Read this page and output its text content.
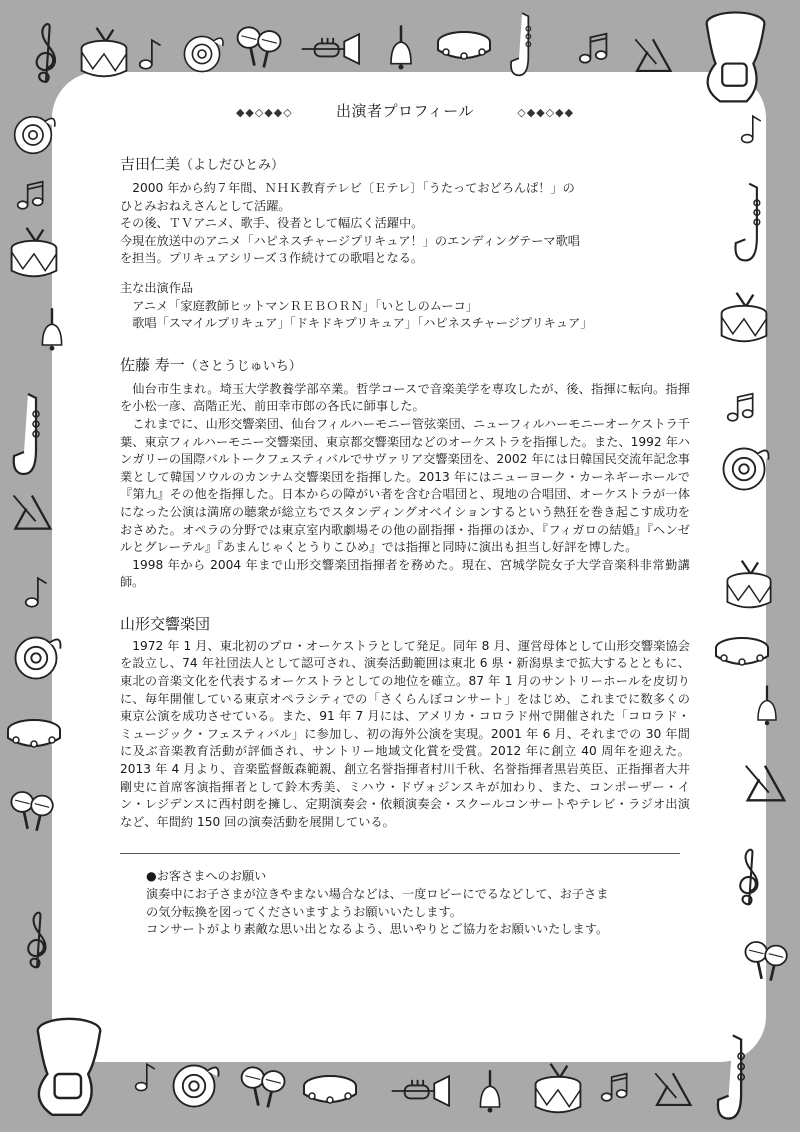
◆◆◇◆◆◇	出演者プロフィール	◇◆◆◇◆◆
吉田仁美（よしだひとみ）

2000 年から約７年間、ＮＨＫ教育テレビ〔Ｅテレ〕「うたっておどろんぱ！」の

ひとみおねえさんとして活躍。

その後、ＴＶアニメ、歌手、役者として幅広く活躍中。

今現在放送中のアニメ「ハピネスチャージプリキュア！」のエンディングテーマ歌唱

を担当。プリキュアシリーズ３作続けての歌唱となる。

主な出演作品

アニメ「家庭教師ヒットマンＲＥＢＯＲＮ」「いとしのムーコ」

歌唱「スマイルプリキュア」「ドキドキプリキュア」「ハピネスチャージプリキュア」

佐藤 寿一（さとうじゅいち）

仙台市生まれ。埼玉大学教養学部卒業。哲学コースで音楽美学を専攻したが、後、指揮に転向。指揮を小松一彦、高階正光、前田幸市郎の各氏に師事した。

これまでに、山形交響楽団、仙台フィルハーモニー管弦楽団、ニューフィルハーモニーオーケストラ千葉、東京フィルハーモニー交響楽団、東京都交響楽団などのオーケストラを指揮した。また、1992 年ハンガリーの国際バルトークフェスティバルでサヴァリア交響楽団を、2002 年には日韓国民交流年記念事業として韓国ソウルのカンナム交響楽団を指揮した。2013 年にはニューヨーク・カーネギーホールで『第九』その他を指揮した。日本からの障がい者を含む合唱団と、現地の合唱団、オーケストラが一体になった公演は満席の聴衆が総立ちでスタンディングオベイションするという熱狂を巻き起こす成功をおさめた。オペラの分野では東京室内歌劇場その他の副指揮・指揮のほか、『フィガロの結婚』『ヘンゼルとグレーテル』『あまんじゃくとうりこひめ』では指揮と同時に演出も担当し好評を博した。

1998 年から 2004 年まで山形交響楽団指揮者を務めた。現在、宮城学院女子大学音楽科非常勤講師。

山形交響楽団

1972 年 1 月、東北初のプロ・オーケストラとして発足。同年 8 月、運営母体として山形交響楽協会を設立し、74 年社団法人として認可され、演奏活動範囲は東北 6 県・新潟県まで拡大するとともに、東北の音楽文化を代表するオーケストラとしての地位を確立。87 年 1 月のサントリーホールを皮切りに、毎年開催している東京オペラシティでの「さくらんぼコンサート」をはじめ、これまでに数多くの東京公演を成功させている。また、91 年 7 月には、アメリカ・コロラド州で開催された「コロラド・ミュージック・フェスティバル」に参加し、初の海外公演を実現。2001 年 6 月、それまでの 30 年間に及ぶ音楽教育活動が評価され、サントリー地域文化賞を受賞。2012 年に創立 40 周年を迎えた。2013 年 4 月より、音楽監督飯森範親、創立名誉指揮者村川千秋、名誉指揮者黒岩英臣、正指揮者大井剛史に首席客演指揮者として鈴木秀美、ミハウ・ドヴォジンスキが加わり、また、コンポーザー・イン・レジデンスに西村朗を擁し、定期演奏会・依頼演奏会・スクールコンサートやテレビ・ラジオ出演など、年間約 150 回の演奏活動を展開している。

●お客さまへのお願い

演奏中にお子さまが泣きやまない場合などは、一度ロビーにでるなどして、お子さま

の気分転換を図ってくださいますようお願いいたします。

コンサートがより素敵な思い出となるよう、思いやりとご協力をお願いいたします。
